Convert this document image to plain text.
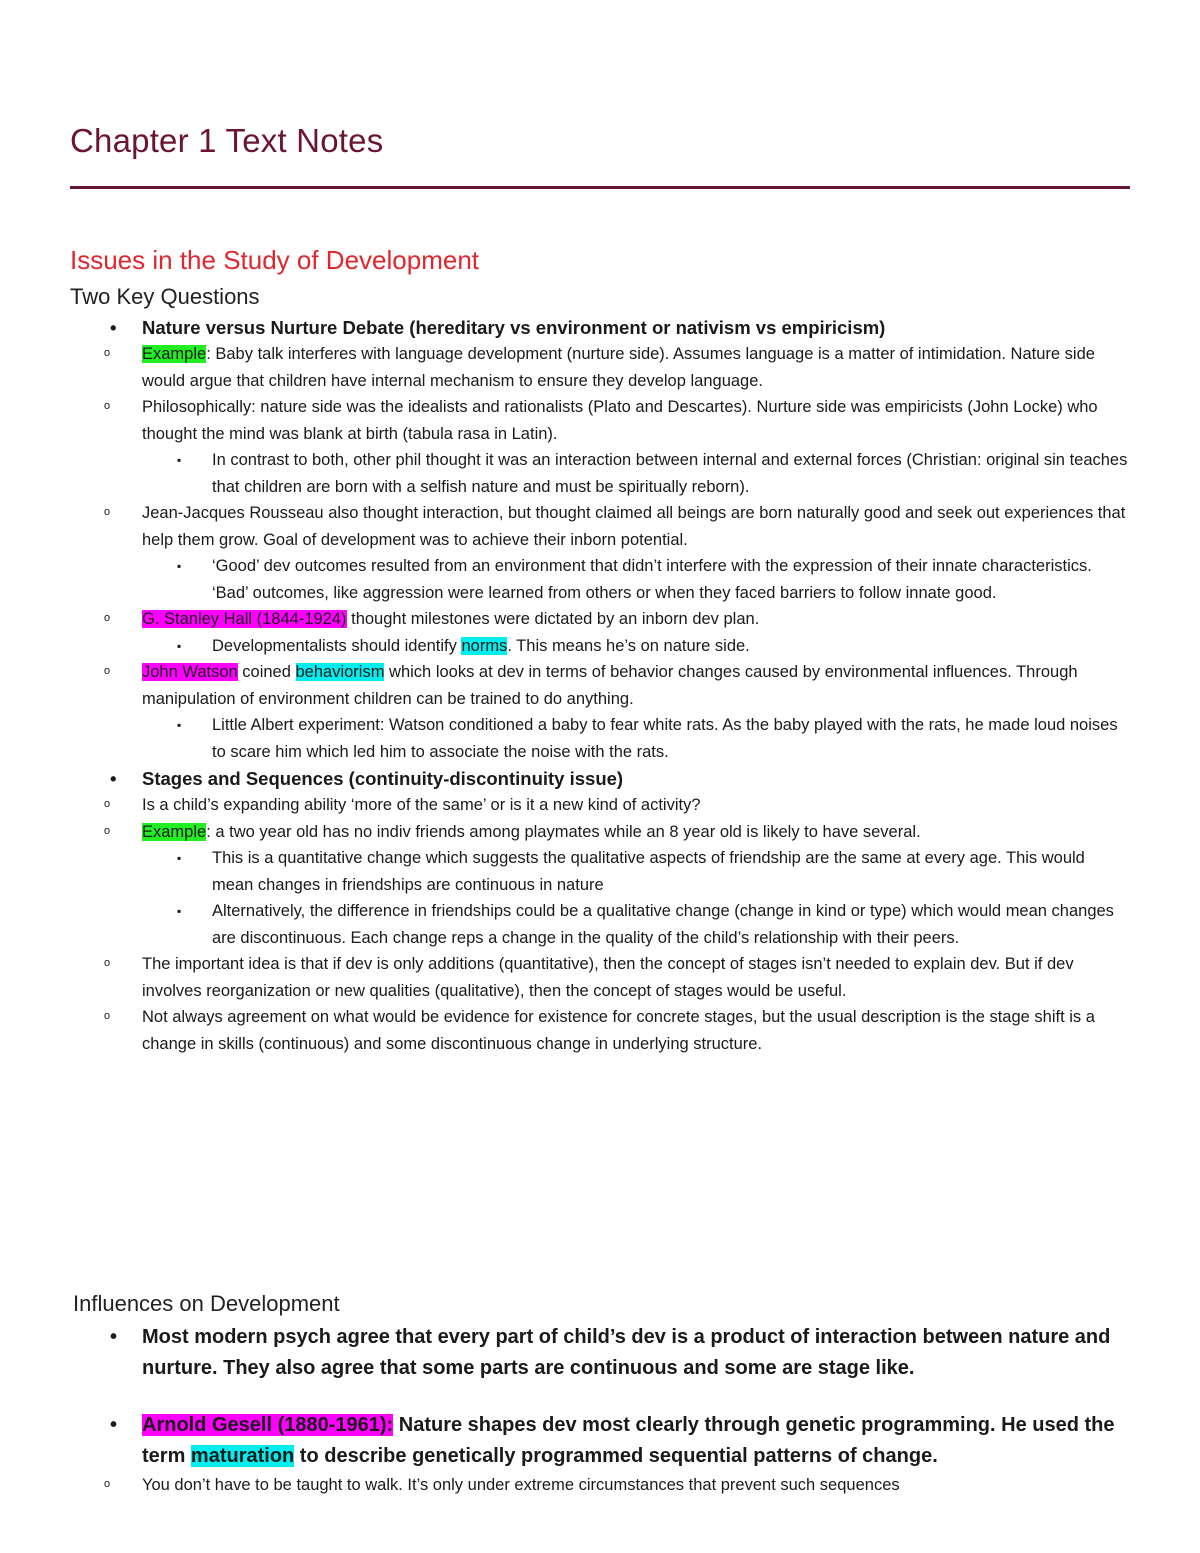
Chapter 1 Text Notes
Issues in the Study of Development
Two Key Questions
• Nature versus Nurture Debate (hereditary vs environment or nativism vs empiricism)
o Example: Baby talk interferes with language development (nurture side). Assumes language is a matter of intimidation. Nature side would argue that children have internal mechanism to ensure they develop language.
o Philosophically: nature side was the idealists and rationalists (Plato and Descartes). Nurture side was empiricists (John Locke) who thought the mind was blank at birth (tabula rasa in Latin).
▪ In contrast to both, other phil thought it was an interaction between internal and external forces (Christian: original sin teaches that children are born with a selfish nature and must be spiritually reborn).
o Jean-Jacques Rousseau also thought interaction, but thought claimed all beings are born naturally good and seek out experiences that help them grow. Goal of development was to achieve their inborn potential.
▪ ‘Good’ dev outcomes resulted from an environment that didn’t interfere with the expression of their innate characteristics. ‘Bad’ outcomes, like aggression were learned from others or when they faced barriers to follow innate good.
o G. Stanley Hall (1844-1924) thought milestones were dictated by an inborn dev plan.
▪ Developmentalists should identify norms. This means he’s on nature side.
o John Watson coined behaviorism which looks at dev in terms of behavior changes caused by environmental influences. Through manipulation of environment children can be trained to do anything.
▪ Little Albert experiment: Watson conditioned a baby to fear white rats. As the baby played with the rats, he made loud noises to scare him which led him to associate the noise with the rats.
• Stages and Sequences (continuity-discontinuity issue)
o Is a child’s expanding ability ‘more of the same’ or is it a new kind of activity?
o Example: a two year old has no indiv friends among playmates while an 8 year old is likely to have several.
▪ This is a quantitative change which suggests the qualitative aspects of friendship are the same at every age. This would mean changes in friendships are continuous in nature
▪ Alternatively, the difference in friendships could be a qualitative change (change in kind or type) which would mean changes are discontinuous. Each change reps a change in the quality of the child’s relationship with their peers.
o The important idea is that if dev is only additions (quantitative), then the concept of stages isn’t needed to explain dev. But if dev involves reorganization or new qualities (qualitative), then the concept of stages would be useful.
o Not always agreement on what would be evidence for existence for concrete stages, but the usual description is the stage shift is a change in skills (continuous) and some discontinuous change in underlying structure.
Influences on Development
• Most modern psych agree that every part of child’s dev is a product of interaction between nature and nurture. They also agree that some parts are continuous and some are stage like.
• Arnold Gesell (1880-1961): Nature shapes dev most clearly through genetic programming. He used the term maturation to describe genetically programmed sequential patterns of change.
o You don’t have to be taught to walk. It’s only under extreme circumstances that prevent such sequences
